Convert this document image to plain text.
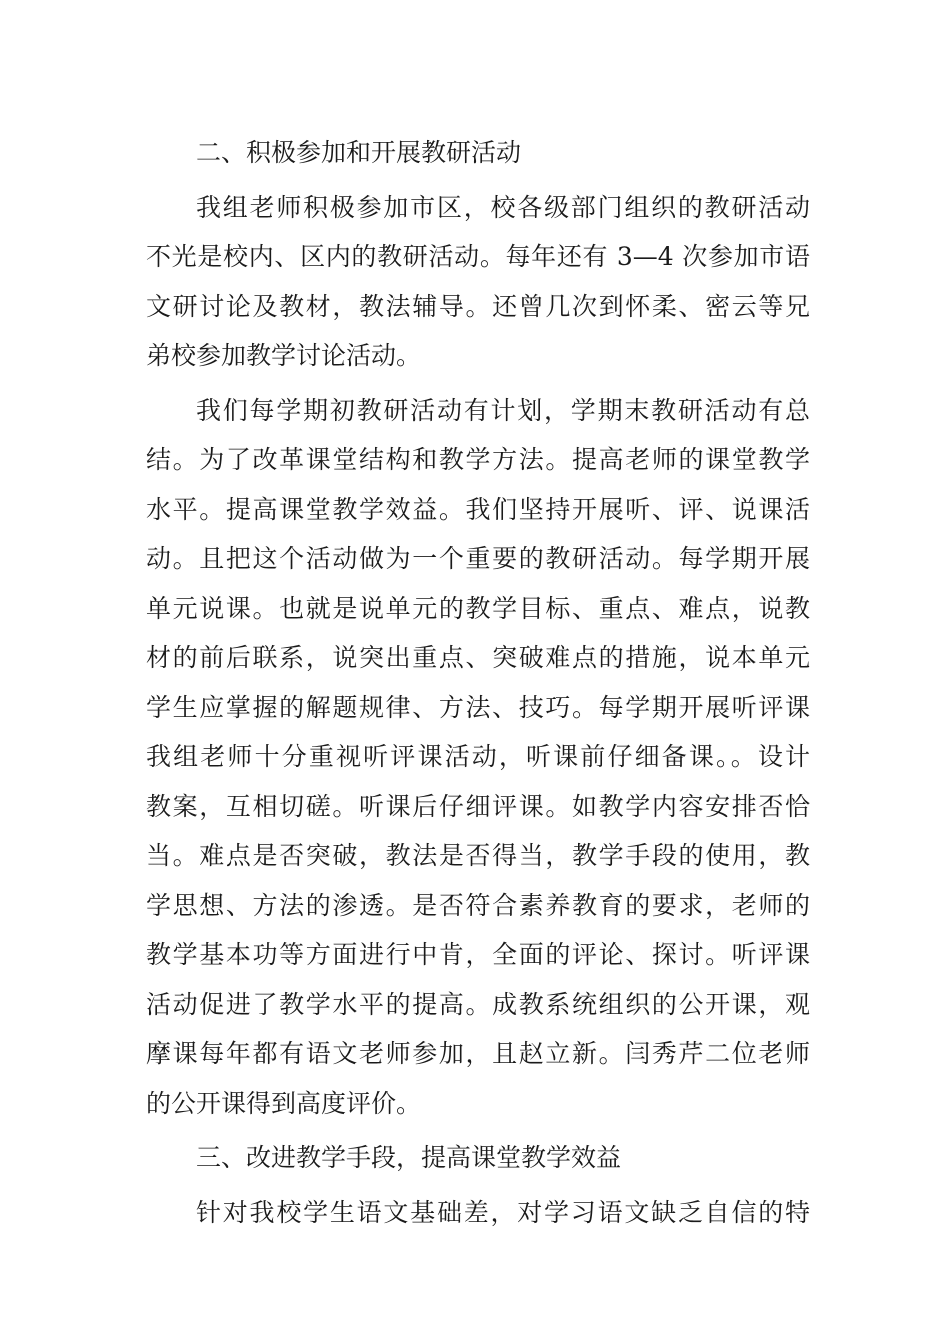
二、积极参加和开展教研活动
我组老师积极参加市区，校各级部门组织的教研活动
不光是校内、区内的教研活动。每年还有 3—4 次参加市语
文研讨论及教材，教法辅导。还曾几次到怀柔、密云等兄
弟校参加教学讨论活动。
我们每学期初教研活动有计划，学期末教研活动有总
结。为了改革课堂结构和教学方法。提高老师的课堂教学
水平。提高课堂教学效益。我们坚持开展听、评、说课活
动。且把这个活动做为一个重要的教研活动。每学期开展
单元说课。也就是说单元的教学目标、重点、难点，说教
材的前后联系，说突出重点、突破难点的措施，说本单元
学生应掌握的解题规律、方法、技巧。每学期开展听评课
我组老师十分重视听评课活动，听课前仔细备课。。设计
教案，互相切磋。听课后仔细评课。如教学内容安排否恰
当。难点是否突破，教法是否得当，教学手段的使用，教
学思想、方法的渗透。是否符合素养教育的要求，老师的
教学基本功等方面进行中肯，全面的评论、探讨。听评课
活动促进了教学水平的提高。成教系统组织的公开课，观
摩课每年都有语文老师参加，且赵立新。闫秀芹二位老师
的公开课得到高度评价。
三、改进教学手段，提高课堂教学效益
针对我校学生语文基础差，对学习语文缺乏自信的特
